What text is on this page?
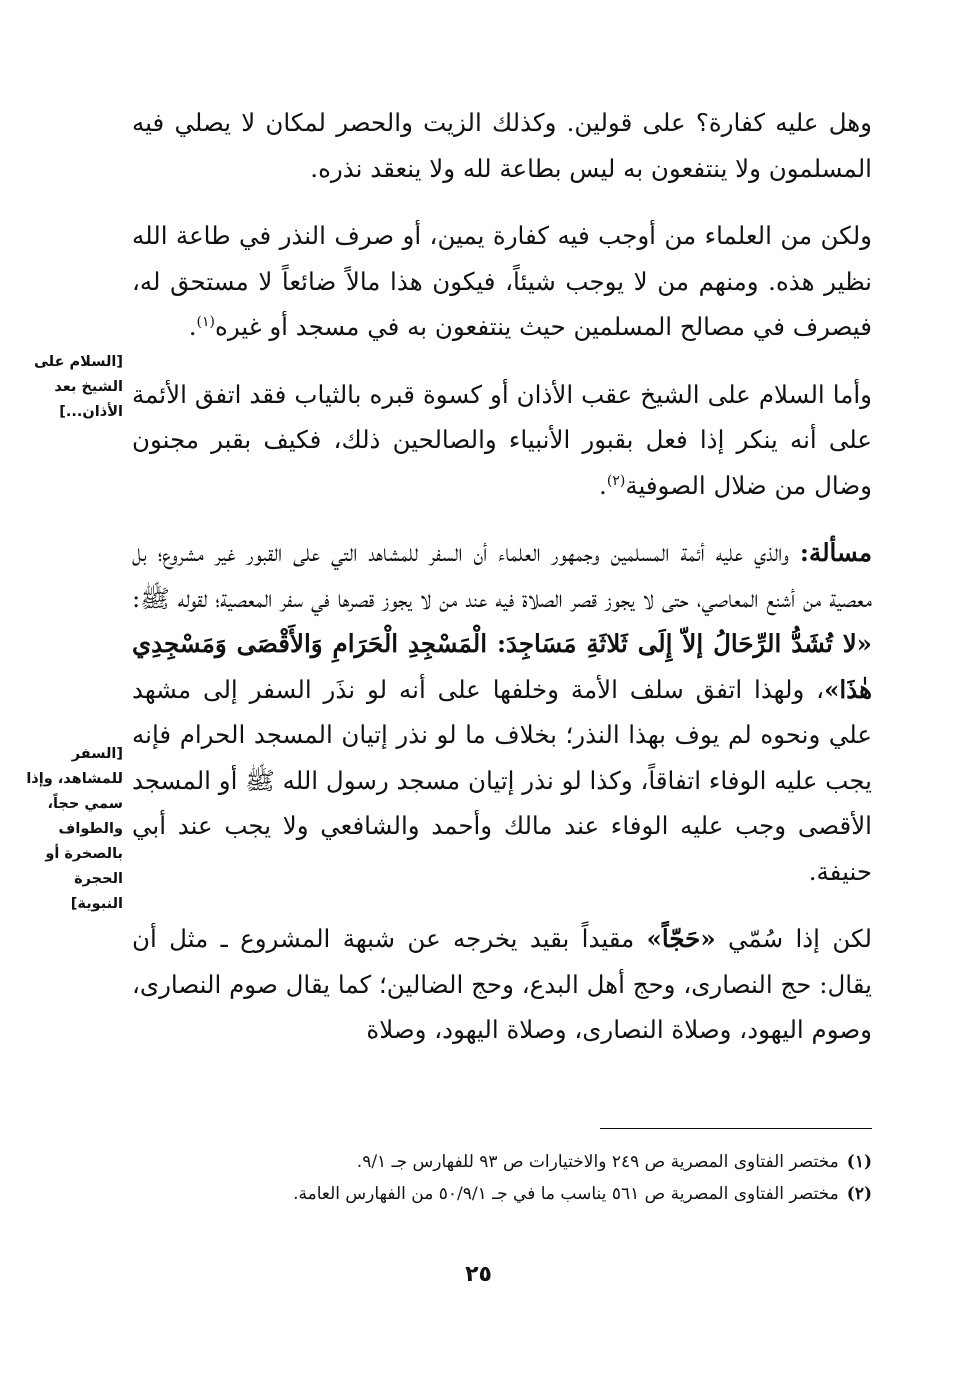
وهل عليه كفارة؟ على قولين. وكذلك الزيت والحصر لمكان لا يصلي فيه المسلمون ولا ينتفعون به ليس بطاعة لله ولا ينعقد نذره.

ولكن من العلماء من أوجب فيه كفارة يمين، أو صرف النذر في طاعة الله نظير هذه. ومنهم من لا يوجب شيئاً، فيكون هذا مالاً ضائعاً لا مستحق له، فيصرف في مصالح المسلمين حيث ينتفعون به في مسجد أو غيره$^{(١)}$.

وأما السلام على الشيخ عقب الأذان أو كسوة قبره بالثياب فقد اتفق الأئمة على أنه ينكر إذا فعل بقبور الأنبياء والصالحين ذلك، فكيف بقبر مجنون وضال من ضلال الصوفية$^{(٢)}$.

مسألة: والذي عليه أئمة المسلمين وجمهور العلماء أن السفر للمشاهد التي على القبور غير مشروع؛ بل معصية من أشنع المعاصي، حتى لا يجوز قصر الصلاة فيه عند من لا يجوز قصرها في سفر المعصية؛ لقوله ﷺ: «لا تُشَدُّ الرِّحَالُ إلاّ إِلَى ثَلاثَةِ مَسَاجِدَ: الْمَسْجِدِ الْحَرَامِ وَالأَقْصَى وَمَسْجِدِي هٰذَا»، ولهذا اتفق سلف الأمة وخلفها على أنه لو نذَر السفر إلى مشهد علي ونحوه لم يوف بهذا النذر؛ بخلاف ما لو نذر إتيان المسجد الحرام فإنه يجب عليه الوفاء اتفاقاً، وكذا لو نذر إتيان مسجد رسول الله ﷺ أو المسجد الأقصى وجب عليه الوفاء عند مالك وأحمد والشافعي ولا يجب عند أبي حنيفة.

لكن إذا سُمّي «حَجّاً» مقيداً بقيد يخرجه عن شبهة المشروع ـ مثل أن يقال: حج النصارى، وحج أهل البدع، وحج الضالين؛ كما يقال صوم النصارى، وصوم اليهود، وصلاة النصارى، وصلاة اليهود، وصلاة

[السلام على الشيخ بعد الأذان...]
[السفر للمشاهد، وإذا سمي حجاً، والطواف بالصخرة أو الحجرة النبوية]
(١)مختصر الفتاوى المصرية ص ٢٤٩ والاختيارات ص ٩٣ للفهارس جـ ٩/١.
(٢)مختصر الفتاوى المصرية ص ٥٦١ يناسب ما في جـ ٥٠/٩/١ من الفهارس العامة.
٢٥
